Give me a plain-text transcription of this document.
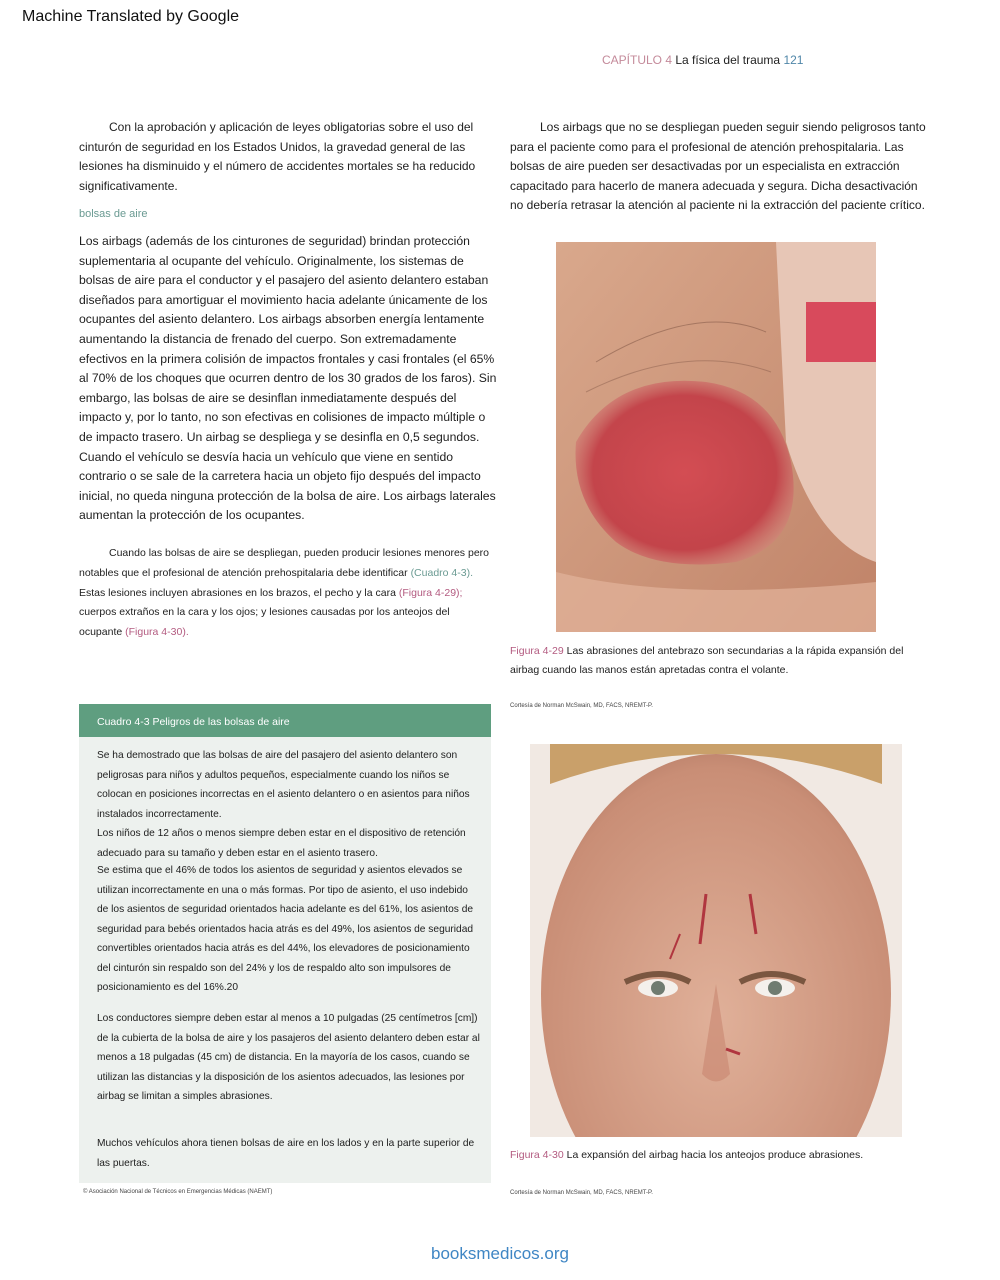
Machine Translated by Google
CAPÍTULO 4 La física del trauma 121

Con la aprobación y aplicación de leyes obligatorias sobre el uso del cinturón de seguridad en los Estados Unidos, la gravedad general de las lesiones ha disminuido y el número de accidentes mortales se ha reducido significativamente.

bolsas de aire

Los airbags (además de los cinturones de seguridad) brindan protección suplementaria al ocupante del vehículo. Originalmente, los sistemas de bolsas de aire para el conductor y el pasajero del asiento delantero estaban diseñados para amortiguar el movimiento hacia adelante únicamente de los ocupantes del asiento delantero. Los airbags absorben energía lentamente aumentando la distancia de frenado del cuerpo. Son extremadamente efectivos en la primera colisión de impactos frontales y casi frontales (el 65% al 70% de los choques que ocurren dentro de los 30 grados de los faros). Sin embargo, las bolsas de aire se desinflan inmediatamente después del impacto y, por lo tanto, no son efectivas en colisiones de impacto múltiple o de impacto trasero. Un airbag se despliega y se desinfla en 0,5 segundos. Cuando el vehículo se desvía hacia un vehículo que viene en sentido contrario o se sale de la carretera hacia un objeto fijo después del impacto inicial, no queda ninguna protección de la bolsa de aire. Los airbags laterales aumentan la protección de los ocupantes.

Cuando las bolsas de aire se despliegan, pueden producir lesiones menores pero notables que el profesional de atención prehospitalaria debe identificar (Cuadro 4-3). Estas lesiones incluyen abrasiones en los brazos, el pecho y la cara (Figura 4-29); cuerpos extraños en la cara y los ojos; y lesiones causadas por los anteojos del ocupante (Figura 4-30).

Los airbags que no se despliegan pueden seguir siendo peligrosos tanto para el paciente como para el profesional de atención prehospitalaria. Las bolsas de aire pueden ser desactivadas por un especialista en extracción capacitado para hacerlo de manera adecuada y segura. Dicha desactivación no debería retrasar la atención al paciente ni la extracción del paciente crítico.

Figura 4-29 Las abrasiones del antebrazo son secundarias a la rápida expansión del airbag cuando las manos están apretadas contra el volante.

Cortesía de Norman McSwain, MD, FACS, NREMT-P.
Cuadro 4-3 Peligros de las bolsas de aire

Se ha demostrado que las bolsas de aire del pasajero del asiento delantero son peligrosas para niños y adultos pequeños, especialmente cuando los niños se colocan en posiciones incorrectas en el asiento delantero o en asientos para niños instalados incorrectamente.

Los niños de 12 años o menos siempre deben estar en el dispositivo de retención adecuado para su tamaño y deben estar en el asiento trasero.

Se estima que el 46% de todos los asientos de seguridad y asientos elevados se utilizan incorrectamente en una o más formas. Por tipo de asiento, el uso indebido de los asientos de seguridad orientados hacia adelante es del 61%, los asientos de seguridad para bebés orientados hacia atrás es del 49%, los asientos de seguridad convertibles orientados hacia atrás es del 44%, los elevadores de posicionamiento del cinturón sin respaldo son del 24% y los de respaldo alto son impulsores de posicionamiento es del 16%.20

Los conductores siempre deben estar al menos a 10 pulgadas (25 centímetros [cm]) de la cubierta de la bolsa de aire y los pasajeros del asiento delantero deben estar al menos a 18 pulgadas (45 cm) de distancia. En la mayoría de los casos, cuando se utilizan las distancias y la disposición de los asientos adecuados, las lesiones por airbag se limitan a simples abrasiones.

Muchos vehículos ahora tienen bolsas de aire en los lados y en la parte superior de las puertas.

© Asociación Nacional de Técnicos en Emergencias Médicas (NAEMT)

Figura 4-30 La expansión del airbag hacia los anteojos produce abrasiones.

Cortesía de Norman McSwain, MD, FACS, NREMT-P.
booksmedicos.org
